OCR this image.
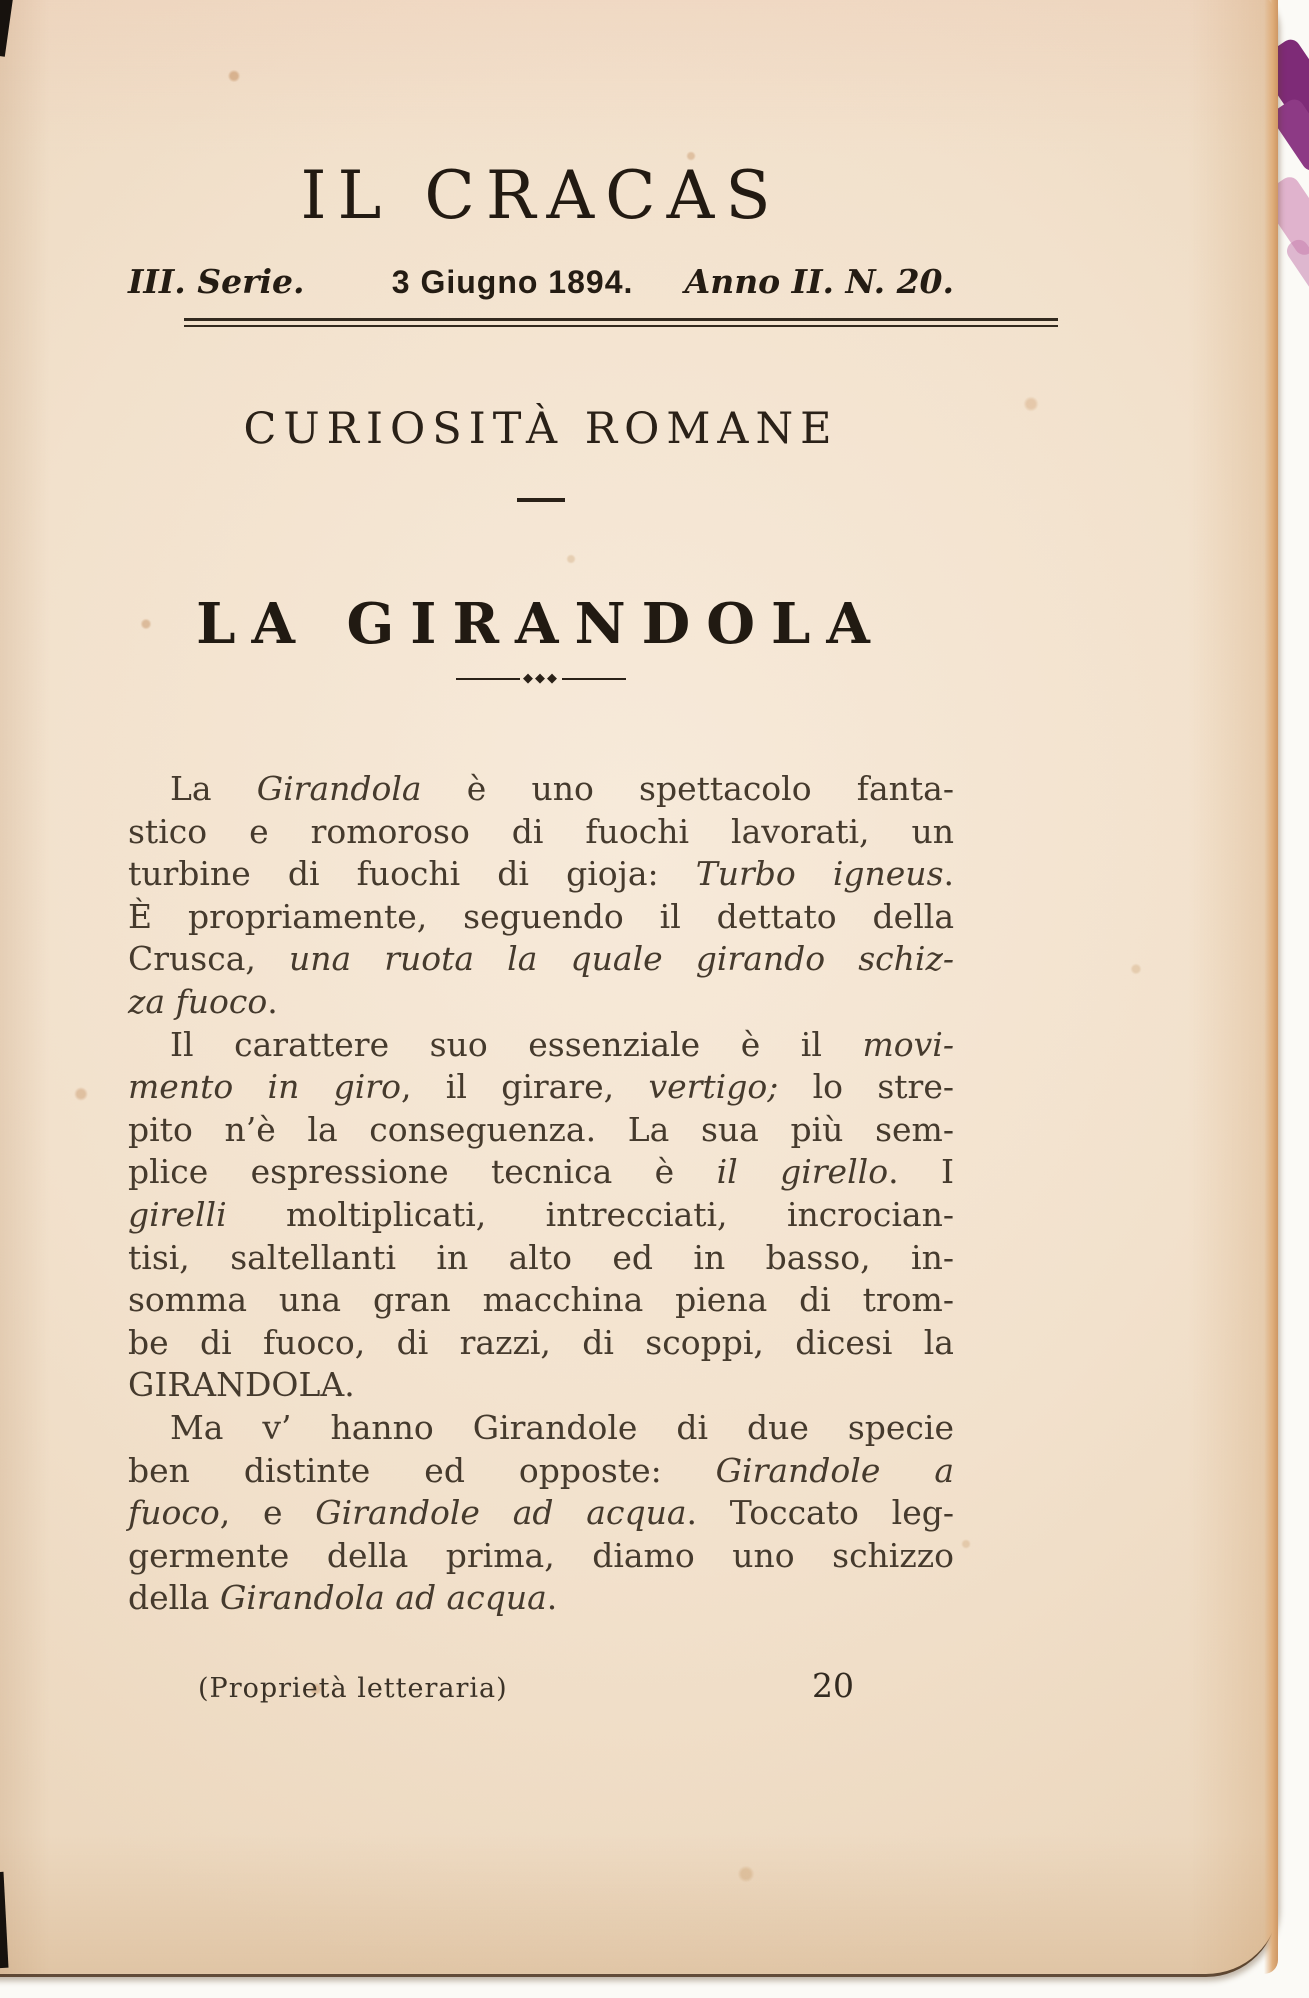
IL CRACAS
III. Serie.	3 Giugno 1894. Anno II. N. 20.
CURIOSITÀ ROMANE
LA GIRANDOLA
◆◆◆
La Girandola è uno spettacolo fanta-
stico e romoroso di fuochi lavorati, un
turbine di fuochi di gioja: Turbo igneus.
È propriamente, seguendo il dettato della
Crusca, una ruota la quale girando schiz-
za fuoco.
Il carattere suo essenziale è il movi-
mento in giro, il girare, vertigo; lo stre-
pito n’è la conseguenza. La sua più sem-
plice espressione tecnica è il girello. I
girelli moltiplicati, intrecciati, incrocian-
tisi, saltellanti in alto ed in basso, in-
somma una gran macchina piena di trom-
be di fuoco, di razzi, di scoppi, dicesi la
GIRANDOLA.
Ma v’ hanno Girandole di due specie
ben distinte ed opposte: Girandole a
fuoco, e Girandole ad acqua. Toccato leg-
germente della prima, diamo uno schizzo
della Girandola ad acqua.
(Proprietà letteraria)	20
